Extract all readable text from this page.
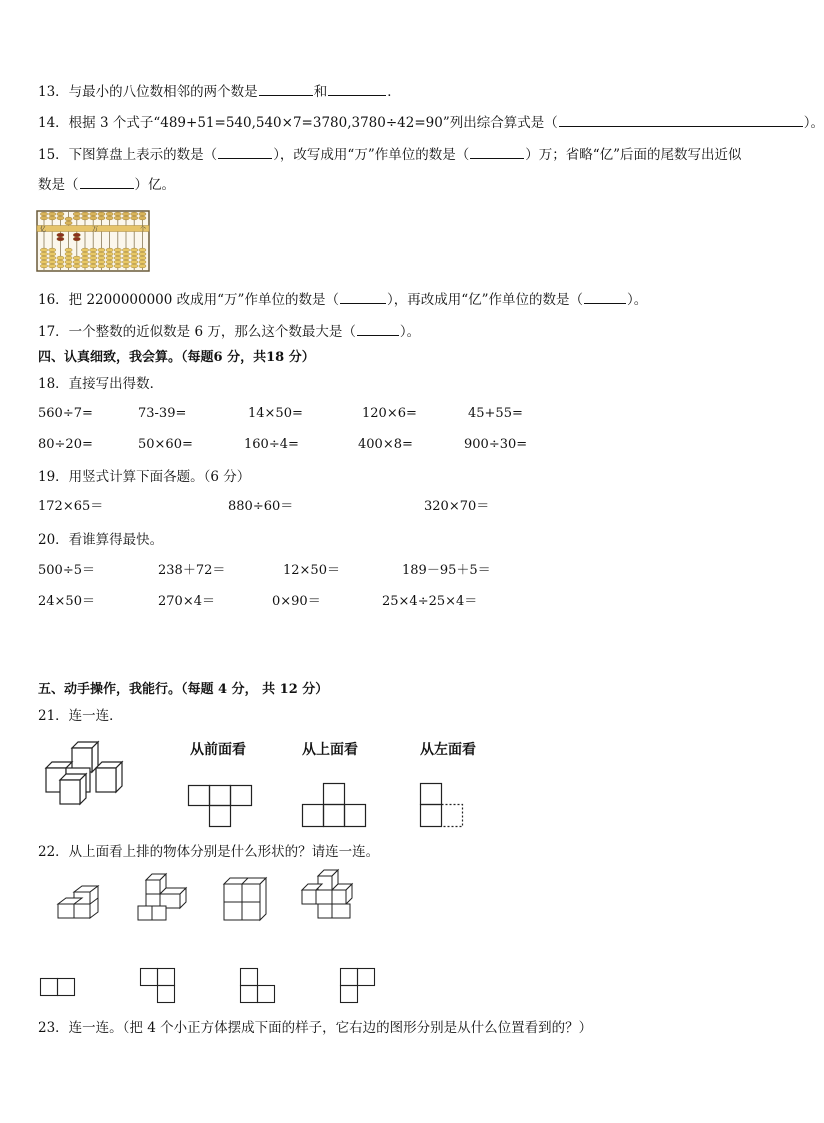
13．与最小的八位数相邻的两个数是	和	．
14．根据 3 个式子“489+51=540,540×7=3780,3780÷42=90”列出综合算式是（	）。
15．下图算盘上表示的数是（	），改写成用“万”作单位的数是（	）万；省略“亿”后面的尾数写出近似
数是（	）亿。
亿	万	个
16．把 2200000000 改成用“万”作单位的数是（	），再改成用“亿”作单位的数是（	）。
17．一个整数的近似数是 6 万，那么这个数最大是（	）。
四、认真细致，我会算。（每题6 分，共18 分）
18．直接写出得数．
560÷7=	73-39=	14×50=	120×6=	45+55=
80÷20=	50×60=	160÷4=	400×8=	900÷30=
19．用竖式计算下面各题。（6 分）
172×65＝	880÷60＝	320×70＝
20．看谁算得最快。
500÷5＝	238＋72＝	12×50＝	189－95＋5＝
24×50＝	270×4＝	0×90＝	25×4÷25×4＝
五、动手操作，我能行。（每题 4 分， 共 12 分）
21．连一连．
从前面看	从上面看	从左面看
22．从上面看上排的物体分别是什么形状的？请连一连。
23．连一连。（把 4 个小正方体摆成下面的样子，它右边的图形分别是从什么位置看到的？）
